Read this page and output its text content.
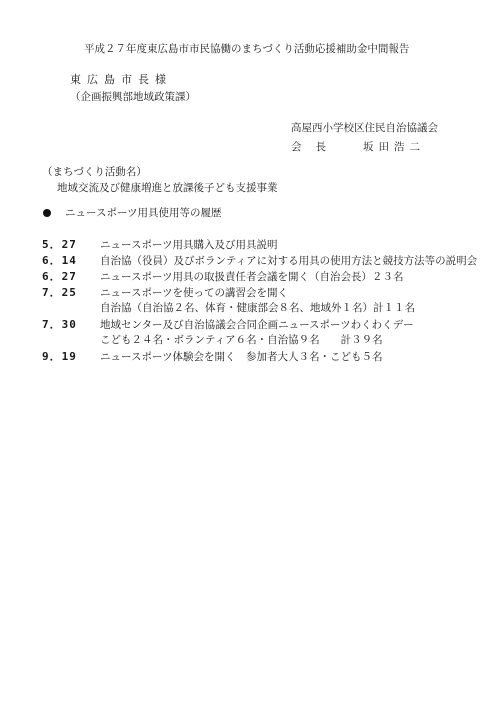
平成２７年度東広島市市民協働のまちづくり活動応援補助金中間報告
東広島市長様
（企画振興部地域政策課）
高屋西小学校区住民自治協議会
会長 坂田浩二
（まちづくり活動名）
地域交流及び健康増進と放課後子ども支援事業
ニュースポーツ用具使用等の履歴
5．27 ニュースポーツ用具購入及び用具説明
6．14 自治協（役員）及びボランティアに対する用具の使用方法と競技方法等の説明会
6．27 ニュースポーツ用具の取扱責任者会議を開く（自治会長）２３名
7．25 ニュースポーツを使っての講習会を開く
自治協（自治協２名、体育・健康部会８名、地域外１名）計１１名
7．30 地域センター及び自治協議会合同企画ニュースポーツわくわくデー
こども２４名・ボランティア６名・自治協９名　　計３９名
9．19 ニュースポーツ体験会を開く　参加者大人３名・こども５名
